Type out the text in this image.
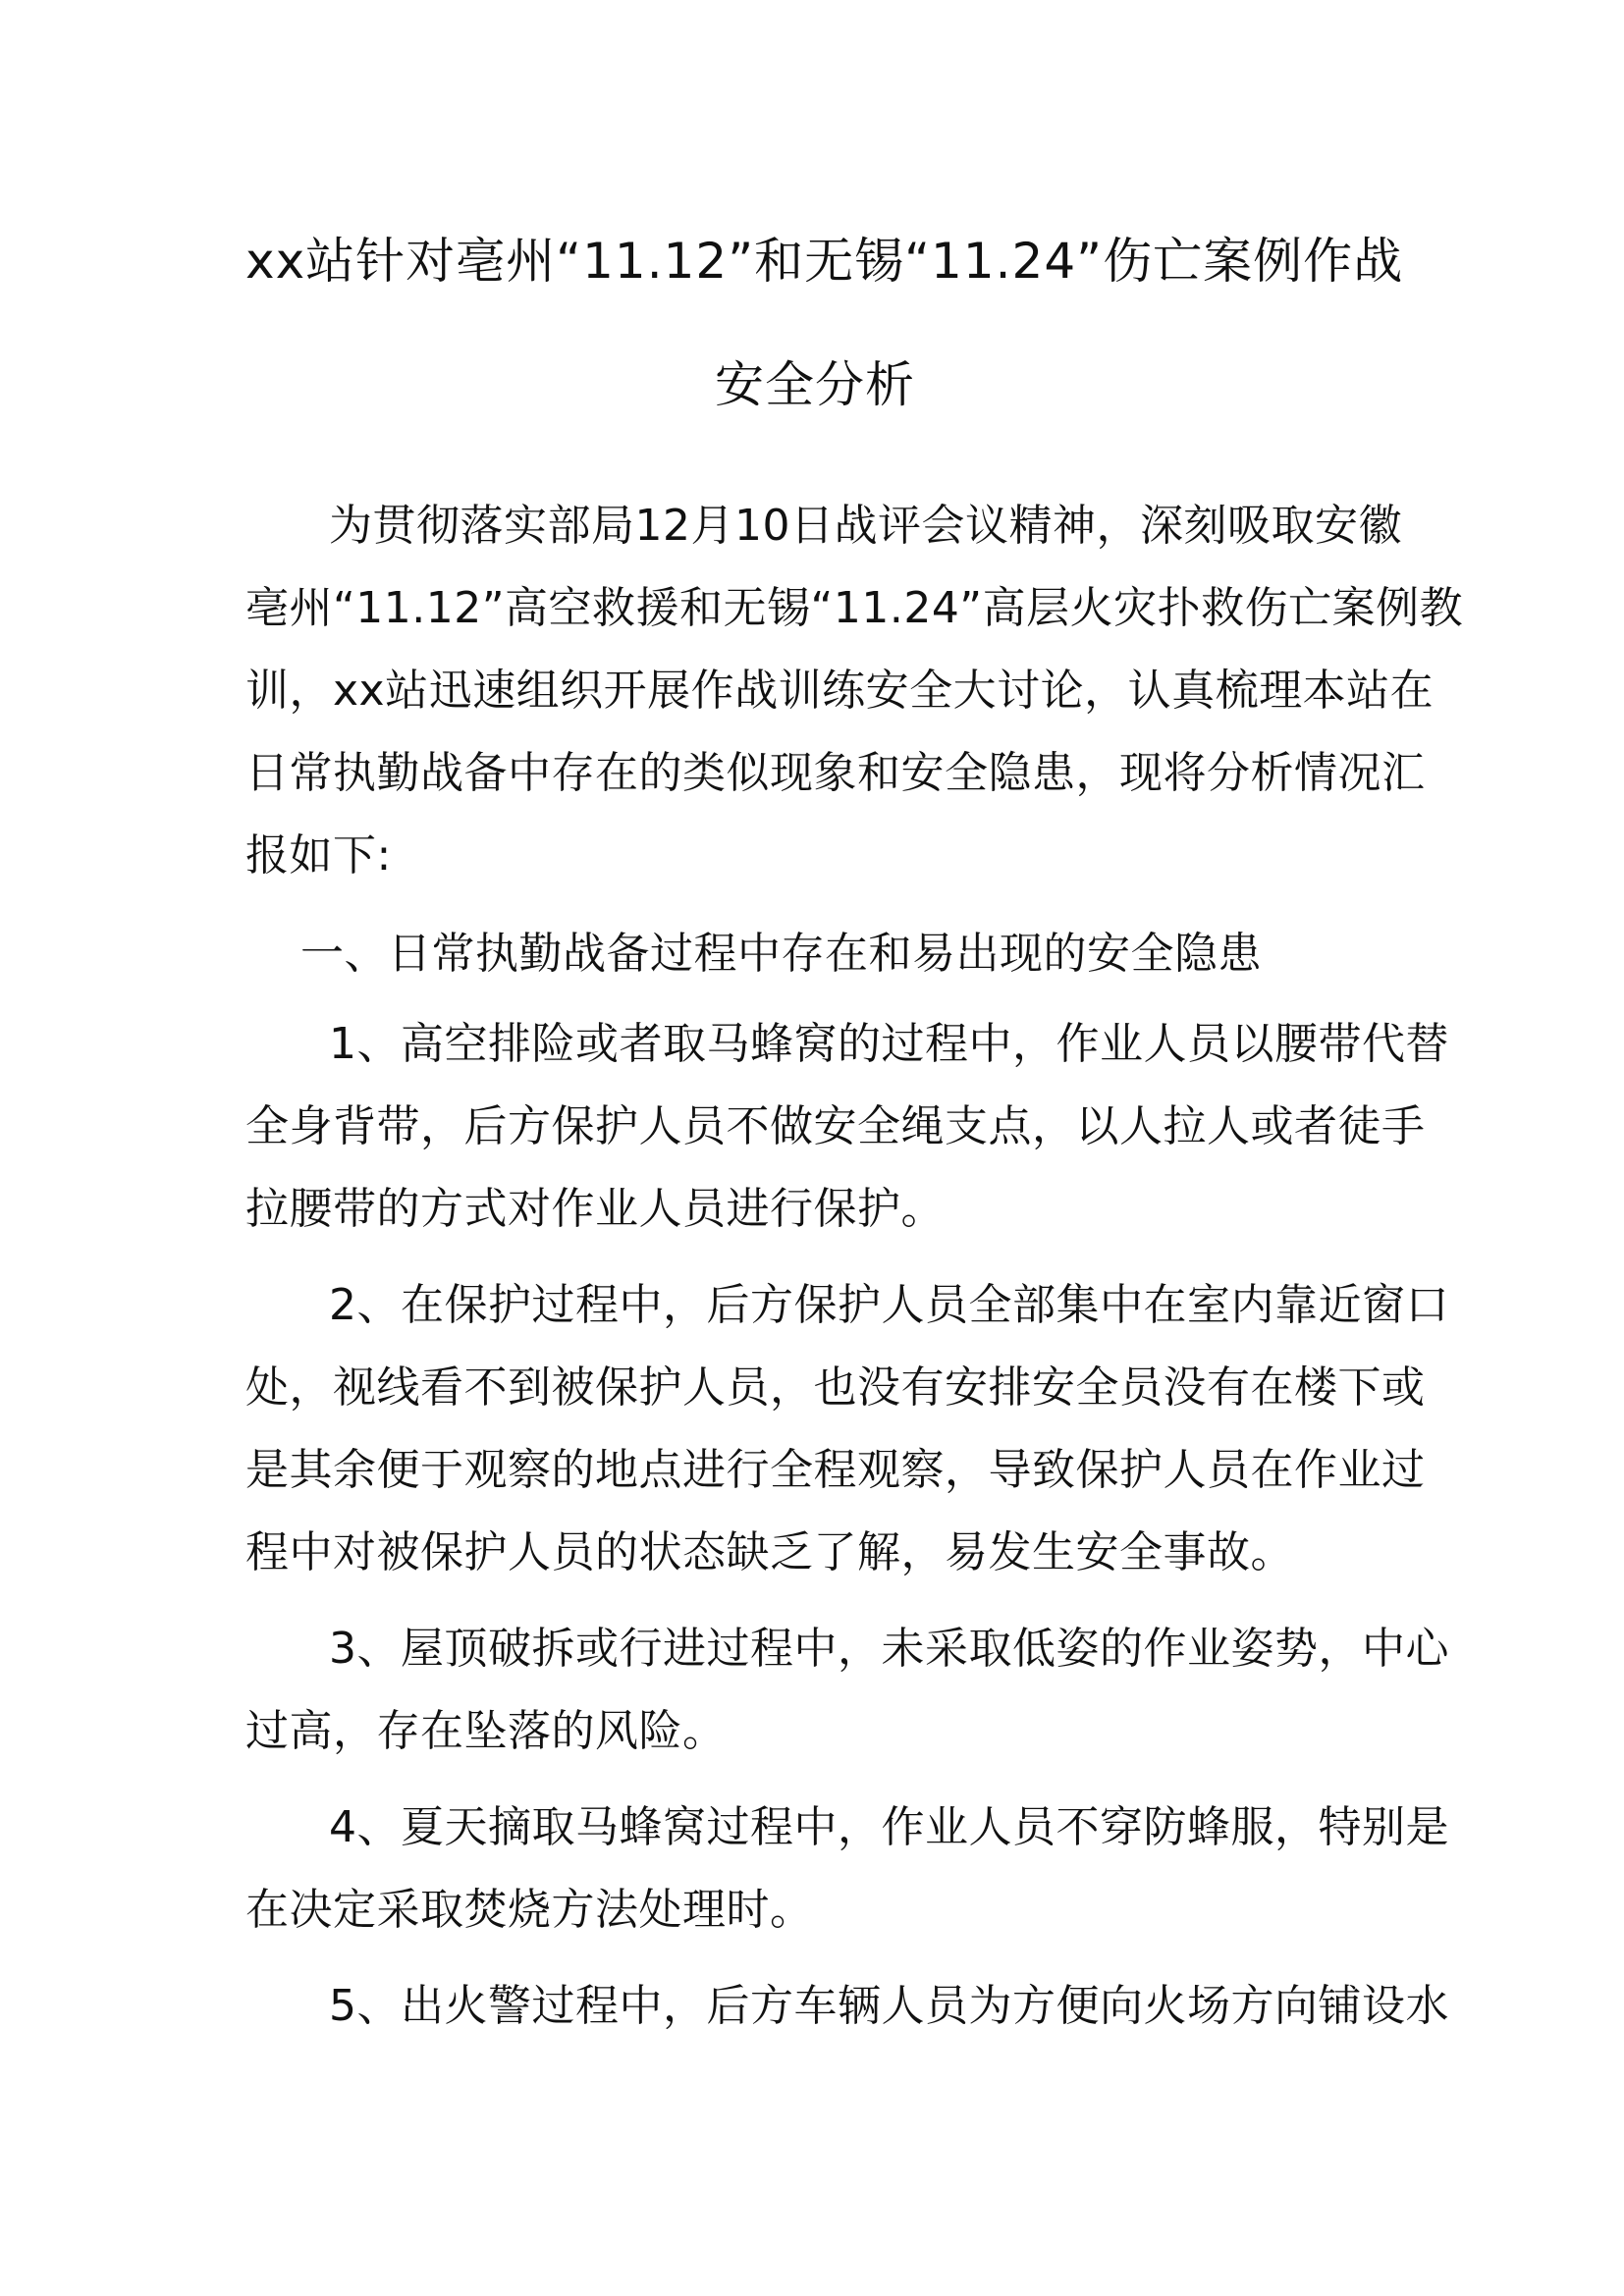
xx站针对亳州“11.12”和无锡“11.24”伤亡案例作战
安全分析
为贯彻落实部局12月10日战评会议精神，深刻吸取安徽
亳州“11.12”高空救援和无锡“11.24”高层火灾扑救伤亡案例教
训，xx站迅速组织开展作战训练安全大讨论，认真梳理本站在
日常执勤战备中存在的类似现象和安全隐患，现将分析情况汇
报如下:
一、日常执勤战备过程中存在和易出现的安全隐患
1、高空排险或者取马蜂窝的过程中，作业人员以腰带代替
全身背带，后方保护人员不做安全绳支点，以人拉人或者徒手
拉腰带的方式对作业人员进行保护。
2、在保护过程中，后方保护人员全部集中在室内靠近窗口
处，视线看不到被保护人员，也没有安排安全员没有在楼下或
是其余便于观察的地点进行全程观察，导致保护人员在作业过
程中对被保护人员的状态缺乏了解，易发生安全事故。
3、屋顶破拆或行进过程中，未采取低姿的作业姿势，中心
过高，存在坠落的风险。
4、夏天摘取马蜂窝过程中，作业人员不穿防蜂服，特别是
在决定采取焚烧方法处理时。
5、出火警过程中，后方车辆人员为方便向火场方向铺设水
